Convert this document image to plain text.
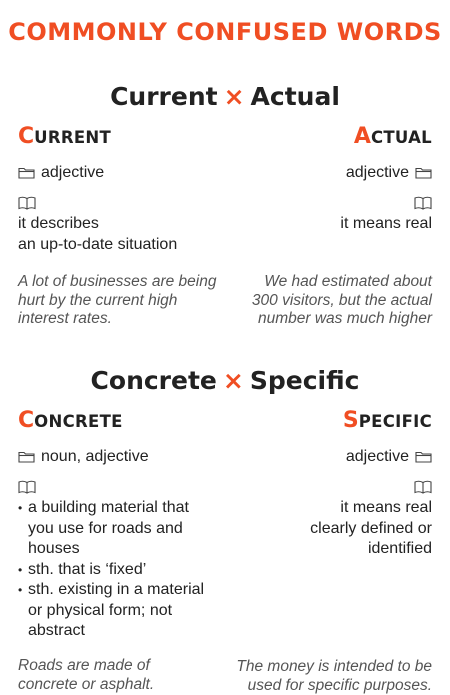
COMMONLY CONFUSED WORDS
Current × Actual
CURRENT
adjective
it describes
an up-to-date situation
A lot of businesses are being hurt by the current high interest rates.
ACTUAL
adjective
it means real
We had estimated about 300 visitors, but the actual number was much higher
Concrete × Specific
CONCRETE
noun, adjective
• a building material that you use for roads and houses
• sth. that is ‘fixed’
• sth. existing in a material or physical form; not abstract
Roads are made of concrete or asphalt.
SPECIFIC
adjective
it means real
clearly defined or
identified
The money is intended to be used for specific purposes.
